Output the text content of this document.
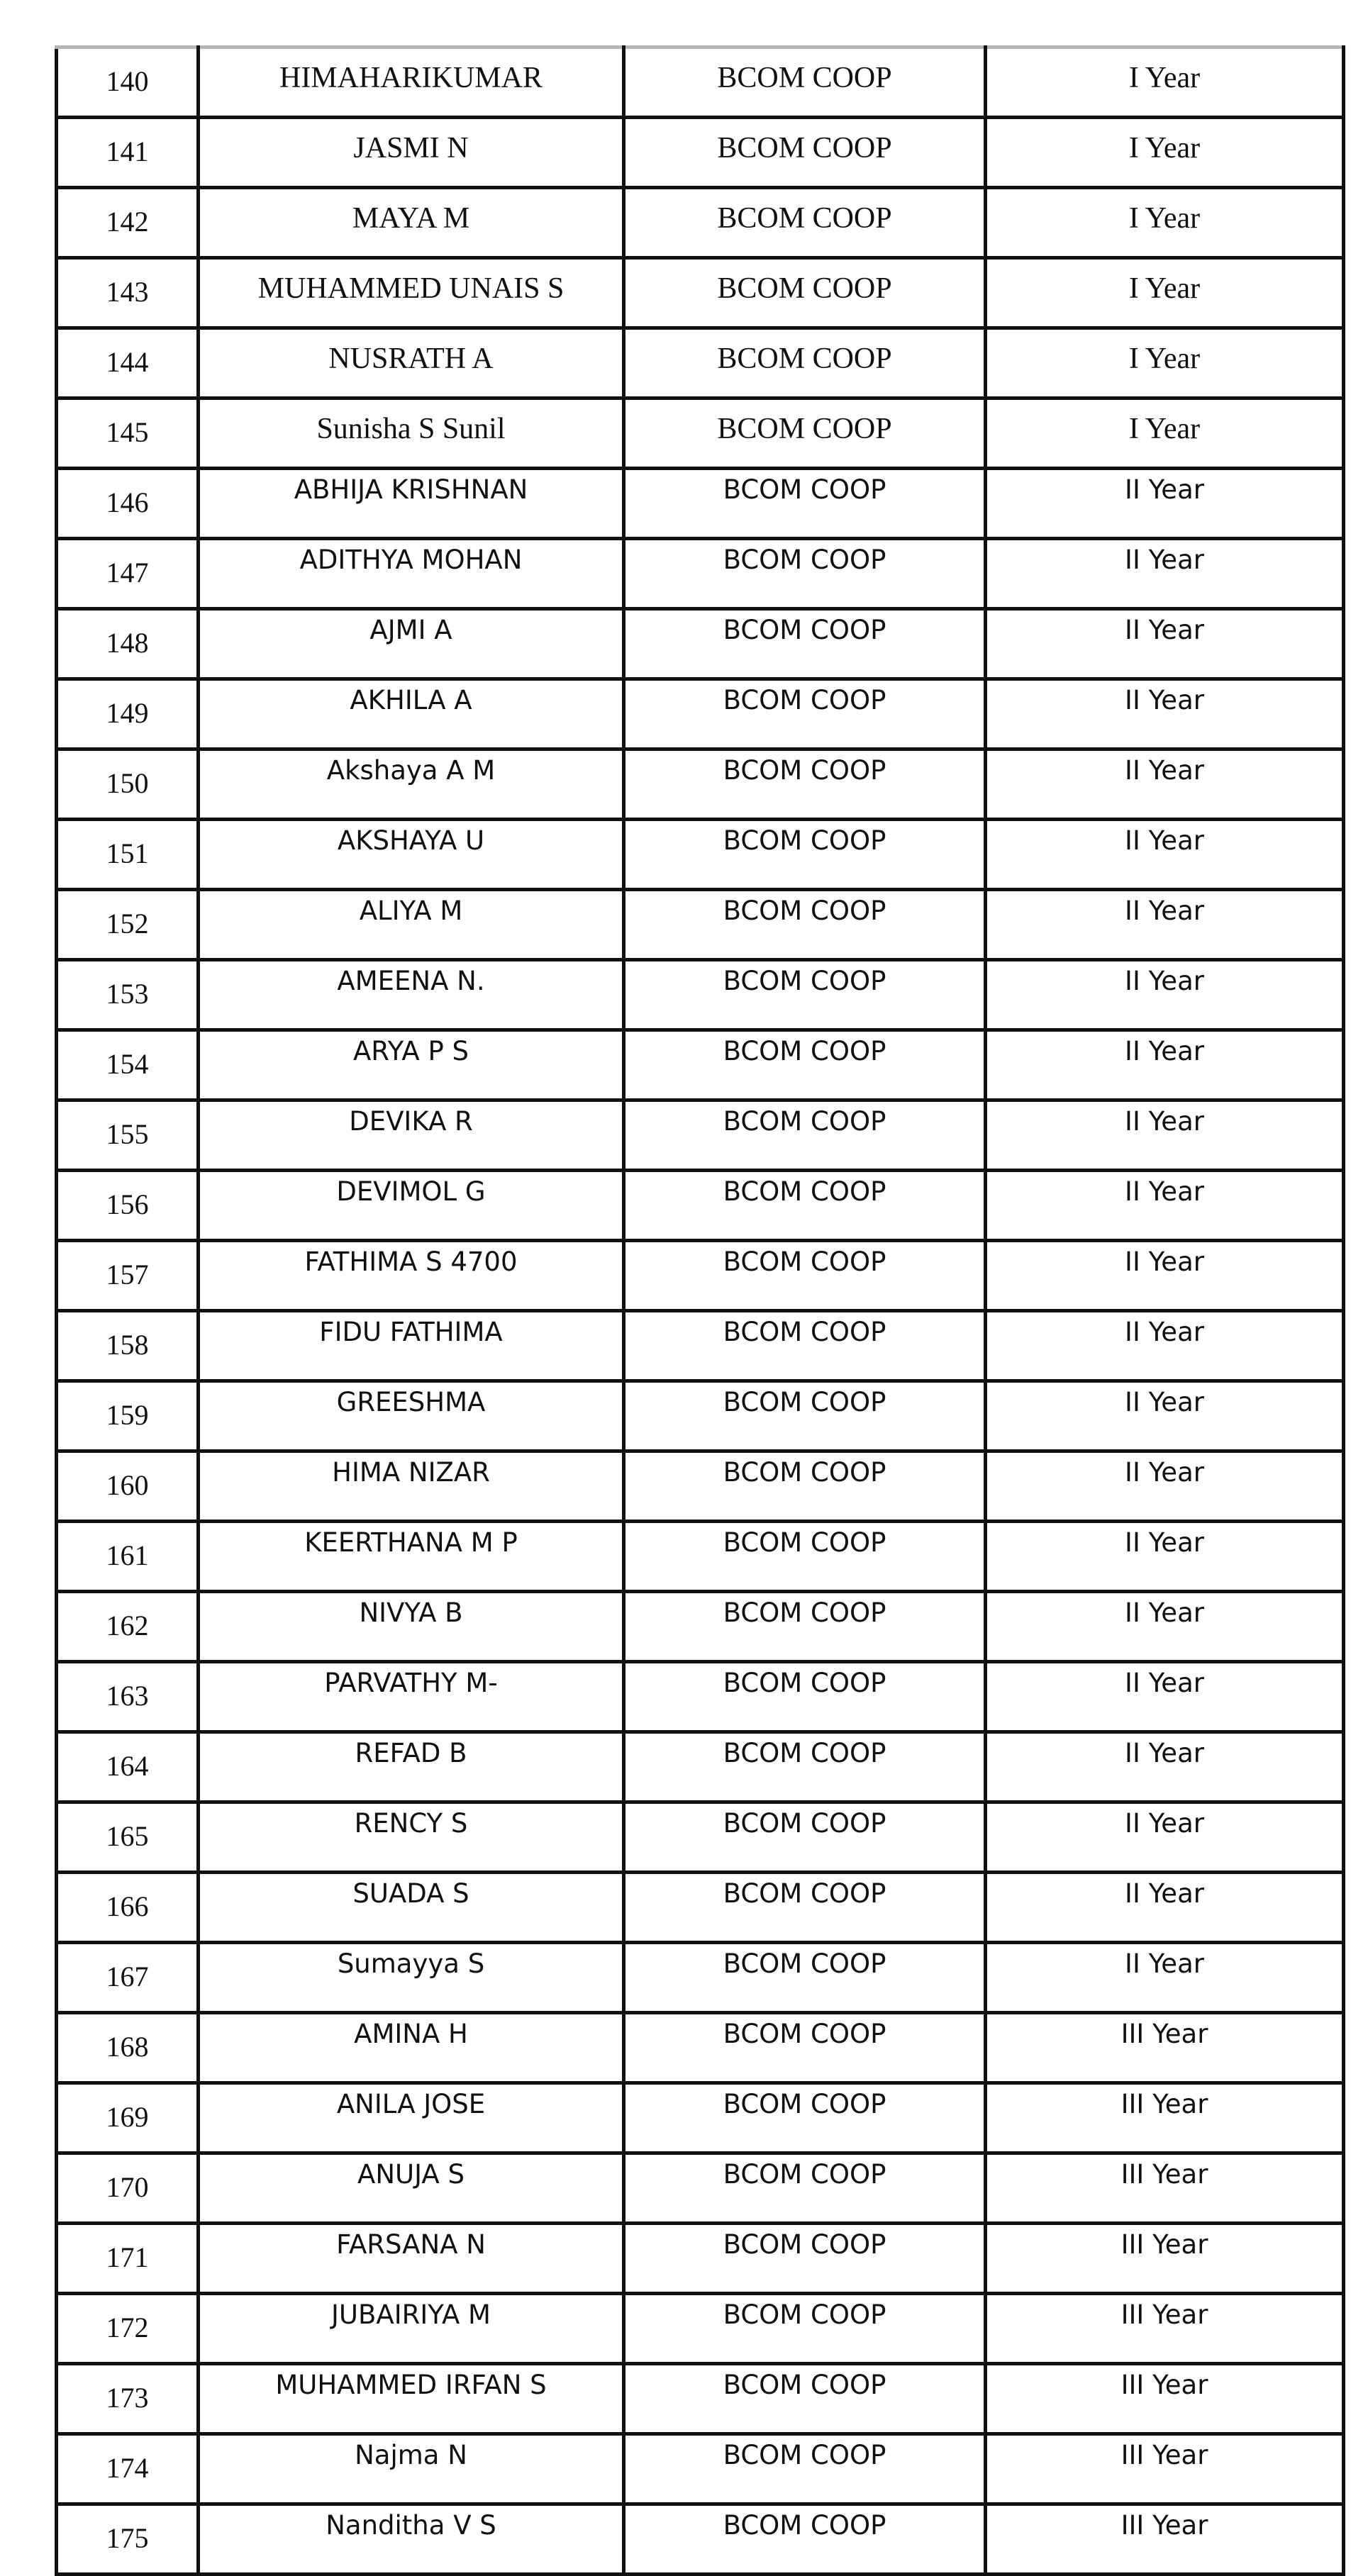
140	HIMAHARIKUMAR	BCOM COOP	I Year
141	JASMI N	BCOM COOP	I Year
142	MAYA M	BCOM COOP	I Year
143	MUHAMMED UNAIS S	BCOM COOP	I Year
144	NUSRATH A	BCOM COOP	I Year
145	Sunisha S Sunil	BCOM COOP	I Year
146	ABHIJA KRISHNAN	BCOM COOP	II Year
147	ADITHYA MOHAN	BCOM COOP	II Year
148	AJMI A	BCOM COOP	II Year
149	AKHILA A	BCOM COOP	II Year
150	Akshaya A M	BCOM COOP	II Year
151	AKSHAYA U	BCOM COOP	II Year
152	ALIYA M	BCOM COOP	II Year
153	AMEENA N.	BCOM COOP	II Year
154	ARYA P S	BCOM COOP	II Year
155	DEVIKA R	BCOM COOP	II Year
156	DEVIMOL G	BCOM COOP	II Year
157	FATHIMA S 4700	BCOM COOP	II Year
158	FIDU FATHIMA	BCOM COOP	II Year
159	GREESHMA	BCOM COOP	II Year
160	HIMA NIZAR	BCOM COOP	II Year
161	KEERTHANA M P	BCOM COOP	II Year
162	NIVYA B	BCOM COOP	II Year
163	PARVATHY M-	BCOM COOP	II Year
164	REFAD B	BCOM COOP	II Year
165	RENCY S	BCOM COOP	II Year
166	SUADA S	BCOM COOP	II Year
167	Sumayya S	BCOM COOP	II Year
168	AMINA H	BCOM COOP	III Year
169	ANILA JOSE	BCOM COOP	III Year
170	ANUJA S	BCOM COOP	III Year
171	FARSANA N	BCOM COOP	III Year
172	JUBAIRIYA M	BCOM COOP	III Year
173	MUHAMMED IRFAN S	BCOM COOP	III Year
174	Najma N	BCOM COOP	III Year
175	Nanditha V S	BCOM COOP	III Year
